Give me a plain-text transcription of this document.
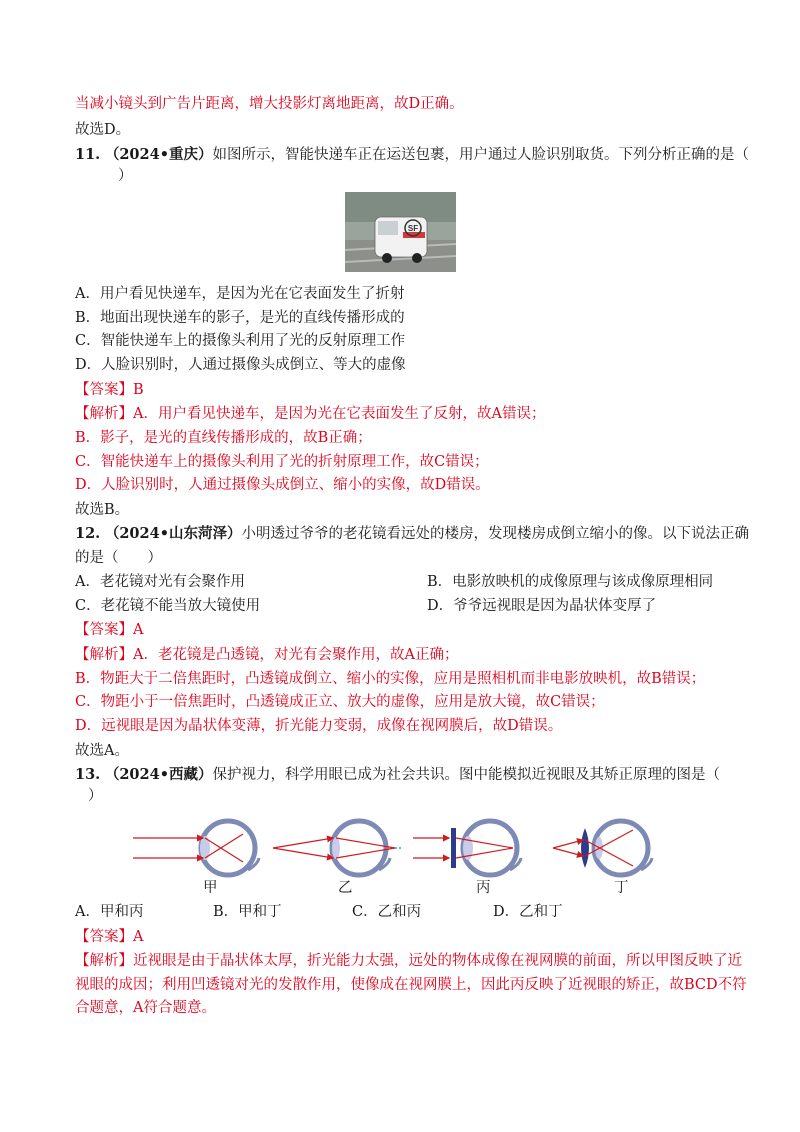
当减小镜头到广告片距离，增大投影灯离地距离，故D正确。
故选D。
11. （2024•重庆）如图所示，智能快递车正在运送包裹，用户通过人脸识别取货。下列分析正确的是（
）
SF
A．用户看见快递车，是因为光在它表面发生了折射
B．地面出现快递车的影子，是光的直线传播形成的
C．智能快递车上的摄像头利用了光的反射原理工作
D．人脸识别时，人通过摄像头成倒立、等大的虚像
【答案】B
【解析】A．用户看见快递车，是因为光在它表面发生了反射，故A错误；
B．影子，是光的直线传播形成的，故B正确；
C．智能快递车上的摄像头利用了光的折射原理工作，故C错误；
D．人脸识别时，人通过摄像头成倒立、缩小的实像，故D错误。
故选B。
12. （2024•山东菏泽）小明透过爷爷的老花镜看远处的楼房，发现楼房成倒立缩小的像。以下说法正确
的是（　　）
A．老花镜对光有会聚作用	B．电影放映机的成像原理与该成像原理相同
C．老花镜不能当放大镜使用	D．爷爷远视眼是因为晶状体变厚了
【答案】A
【解析】A．老花镜是凸透镜，对光有会聚作用，故A正确；
B．物距大于二倍焦距时，凸透镜成倒立、缩小的实像，应用是照相机而非电影放映机，故B错误；
C．物距小于一倍焦距时，凸透镜成正立、放大的虚像，应用是放大镜，故C错误；
D．远视眼是因为晶状体变薄，折光能力变弱，成像在视网膜后，故D错误。
故选A。
13. （2024•西藏）保护视力，科学用眼已成为社会共识。图中能模拟近视眼及其矫正原理的图是（
）
甲	乙	丙	丁
A．甲和丙	B．甲和丁	C．乙和丙	D．乙和丁
【答案】A
【解析】近视眼是由于晶状体太厚，折光能力太强，远处的物体成像在视网膜的前面，所以甲图反映了近
视眼的成因；利用凹透镜对光的发散作用，使像成在视网膜上，因此丙反映了近视眼的矫正，故BCD不符
合题意，A符合题意。
